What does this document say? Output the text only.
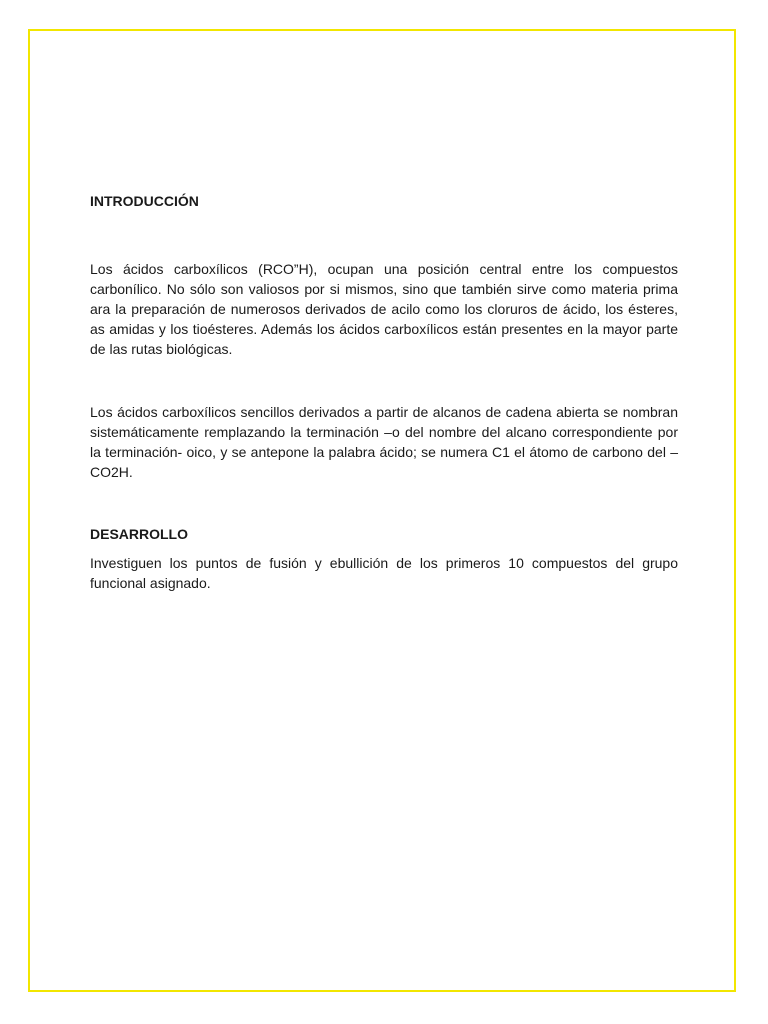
INTRODUCCIÓN

Los ácidos carboxílicos (RCO”H), ocupan una posición central entre los compuestos carbonílico. No sólo son valiosos por si mismos, sino que también sirve como materia prima ara la preparación de numerosos derivados de acilo como los cloruros de ácido, los ésteres, as amidas y los tioésteres. Además los ácidos carboxílicos están presentes en la mayor parte de las rutas biológicas.

Los ácidos carboxílicos sencillos derivados a partir de alcanos de cadena abierta se nombran sistemáticamente remplazando la terminación –o del nombre del alcano correspondiente por la terminación- oico, y se antepone la palabra ácido; se numera C1 el átomo de carbono del –CO2H.

DESARROLLO

Investiguen los puntos de fusión y ebullición de los primeros 10 compuestos del grupo funcional asignado.
